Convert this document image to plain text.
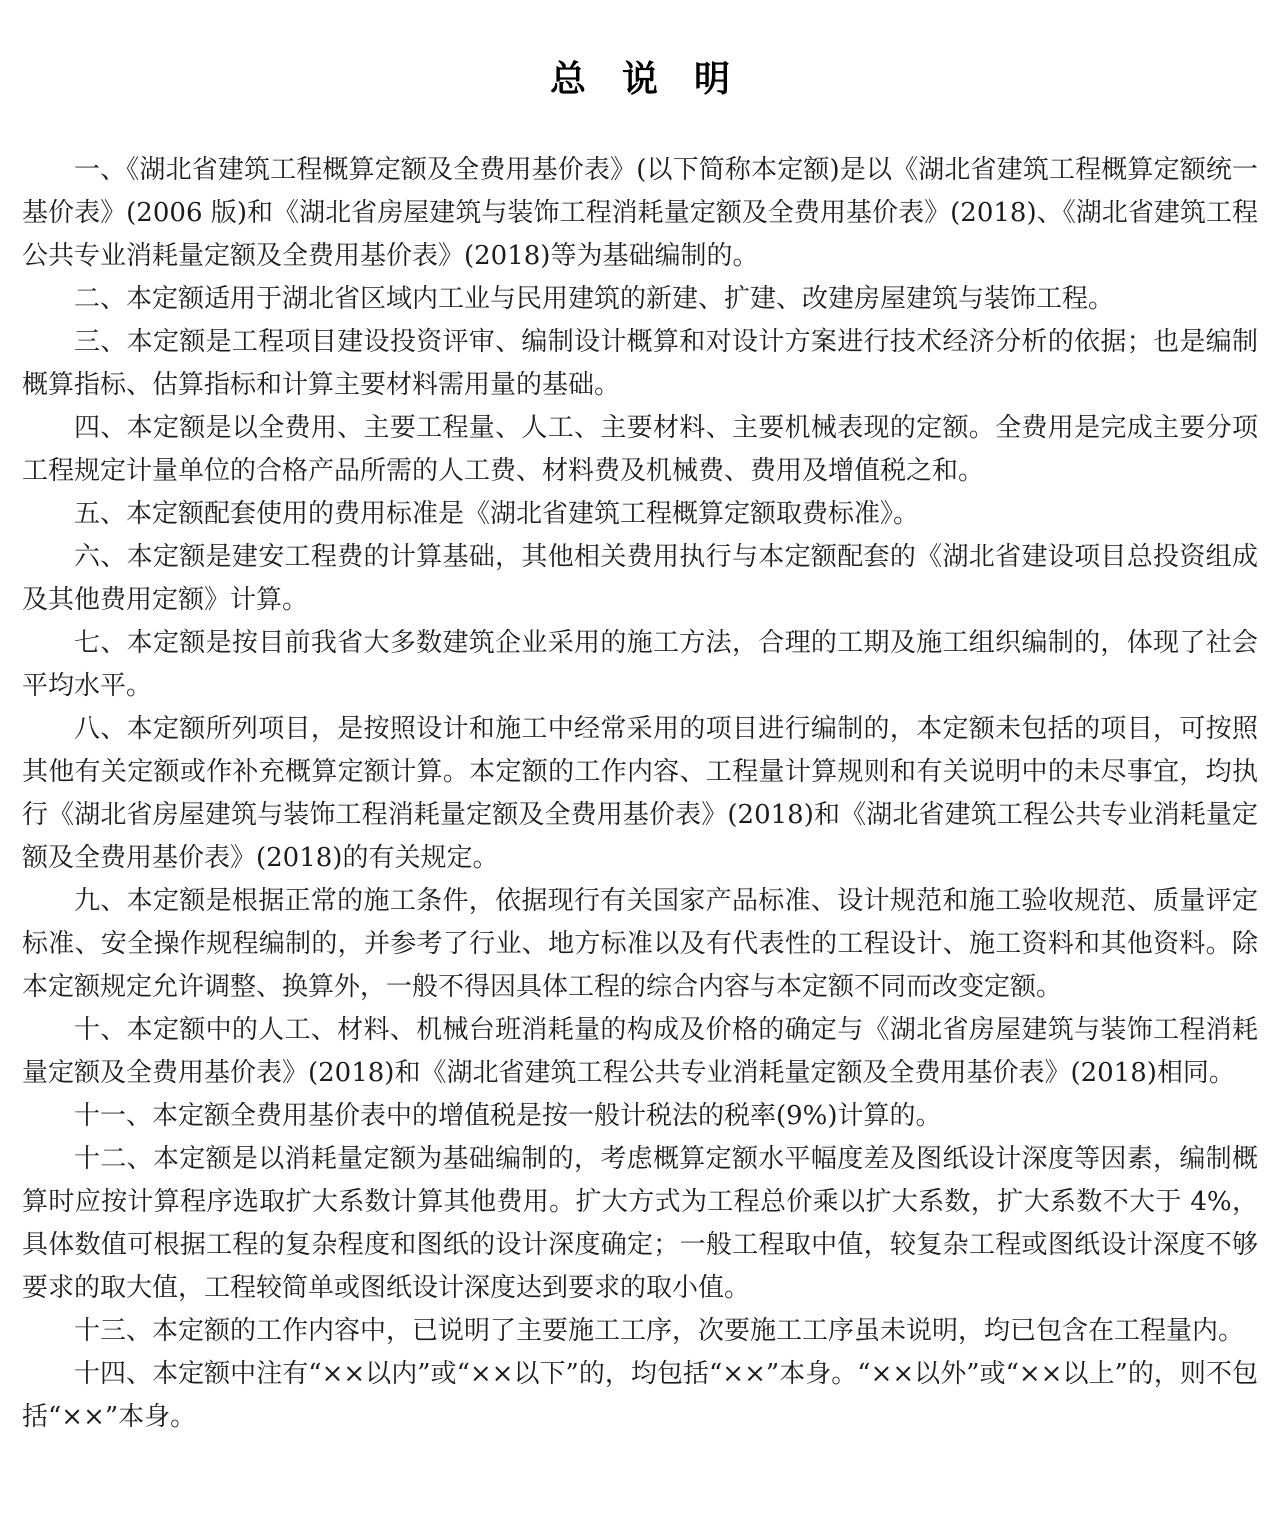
总　说　明

一、《湖北省建筑工程概算定额及全费用基价表》(以下简称本定额)是以《湖北省建筑工程概算定额统一基价表》(2006 版)和《湖北省房屋建筑与装饰工程消耗量定额及全费用基价表》(2018)、《湖北省建筑工程公共专业消耗量定额及全费用基价表》(2018)等为基础编制的。

二、本定额适用于湖北省区域内工业与民用建筑的新建、扩建、改建房屋建筑与装饰工程。

三、本定额是工程项目建设投资评审、编制设计概算和对设计方案进行技术经济分析的依据；也是编制概算指标、估算指标和计算主要材料需用量的基础。

四、本定额是以全费用、主要工程量、人工、主要材料、主要机械表现的定额。全费用是完成主要分项工程规定计量单位的合格产品所需的人工费、材料费及机械费、费用及增值税之和。

五、本定额配套使用的费用标准是《湖北省建筑工程概算定额取费标准》。

六、本定额是建安工程费的计算基础，其他相关费用执行与本定额配套的《湖北省建设项目总投资组成及其他费用定额》计算。

七、本定额是按目前我省大多数建筑企业采用的施工方法，合理的工期及施工组织编制的，体现了社会平均水平。

八、本定额所列项目，是按照设计和施工中经常采用的项目进行编制的，本定额未包括的项目，可按照其他有关定额或作补充概算定额计算。本定额的工作内容、工程量计算规则和有关说明中的未尽事宜，均执行《湖北省房屋建筑与装饰工程消耗量定额及全费用基价表》(2018)和《湖北省建筑工程公共专业消耗量定额及全费用基价表》(2018)的有关规定。

九、本定额是根据正常的施工条件，依据现行有关国家产品标准、设计规范和施工验收规范、质量评定标准、安全操作规程编制的，并参考了行业、地方标准以及有代表性的工程设计、施工资料和其他资料。除本定额规定允许调整、换算外，一般不得因具体工程的综合内容与本定额不同而改变定额。

十、本定额中的人工、材料、机械台班消耗量的构成及价格的确定与《湖北省房屋建筑与装饰工程消耗量定额及全费用基价表》(2018)和《湖北省建筑工程公共专业消耗量定额及全费用基价表》(2018)相同。

十一、本定额全费用基价表中的增值税是按一般计税法的税率(9%)计算的。

十二、本定额是以消耗量定额为基础编制的，考虑概算定额水平幅度差及图纸设计深度等因素，编制概算时应按计算程序选取扩大系数计算其他费用。扩大方式为工程总价乘以扩大系数，扩大系数不大于 4%，具体数值可根据工程的复杂程度和图纸的设计深度确定；一般工程取中值，较复杂工程或图纸设计深度不够要求的取大值，工程较简单或图纸设计深度达到要求的取小值。

十三、本定额的工作内容中，已说明了主要施工工序，次要施工工序虽未说明，均已包含在工程量内。

十四、本定额中注有“××以内”或“××以下”的，均包括“××”本身。“××以外”或“××以上”的，则不包括“××”本身。
